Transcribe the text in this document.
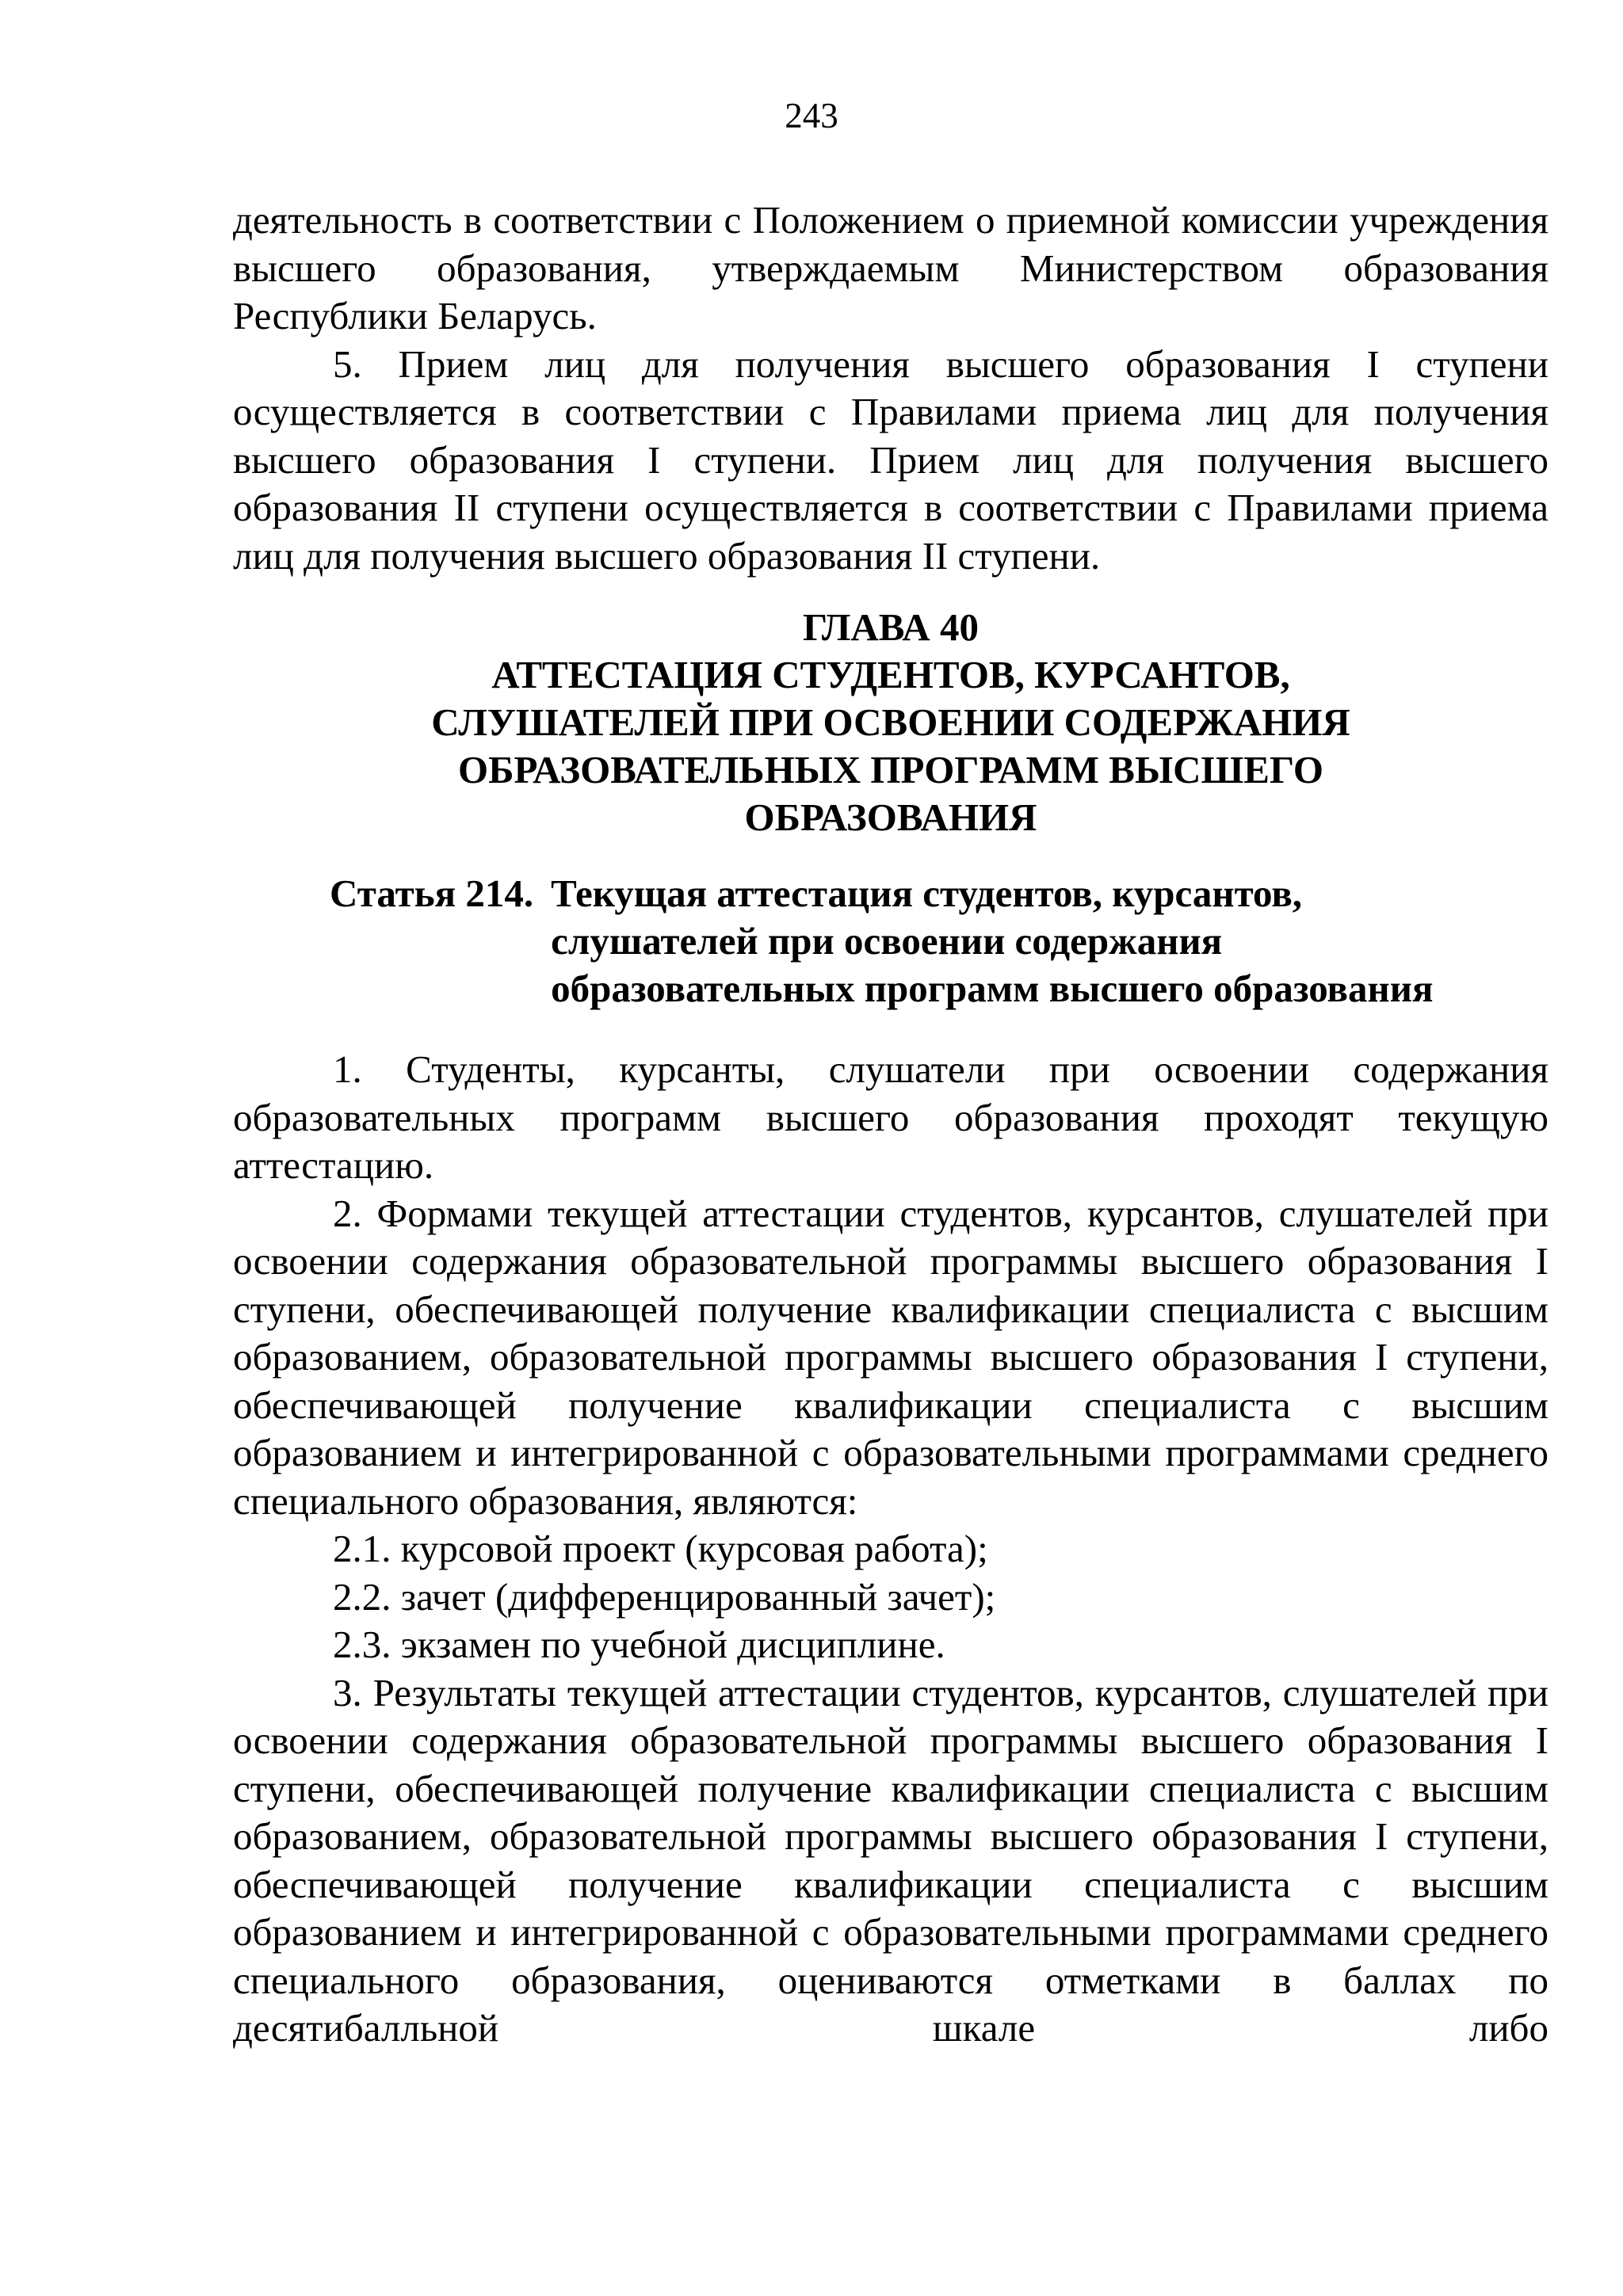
243

деятельность в соответствии с Положением о приемной комиссии учреждения высшего образования, утверждаемым Министерством образования Республики Беларусь.

5. Прием лиц для получения высшего образования I ступени осуществляется в соответствии с Правилами приема лиц для получения высшего образования I ступени. Прием лиц для получения высшего образования II ступени осуществляется в соответствии с Правилами приема лиц для получения высшего образования II ступени.

ГЛАВА 40
АТТЕСТАЦИЯ СТУДЕНТОВ, КУРСАНТОВ,
СЛУШАТЕЛЕЙ ПРИ ОСВОЕНИИ СОДЕРЖАНИЯ
ОБРАЗОВАТЕЛЬНЫХ ПРОГРАММ ВЫСШЕГО
ОБРАЗОВАНИЯ

Статья 214. Текущая аттестация студентов, курсантов,
слушателей при освоении содержания
образовательных программ высшего образования

1. Студенты, курсанты, слушатели при освоении содержания образовательных программ высшего образования проходят текущую аттестацию.

2. Формами текущей аттестации студентов, курсантов, слушателей при освоении содержания образовательной программы высшего образования I ступени, обеспечивающей получение квалификации специалиста с высшим образованием, образовательной программы высшего образования I ступени, обеспечивающей получение квалификации специалиста с высшим образованием и интегрированной с образовательными программами среднего специального образования, являются:

2.1. курсовой проект (курсовая работа);

2.2. зачет (дифференцированный зачет);

2.3. экзамен по учебной дисциплине.

3. Результаты текущей аттестации студентов, курсантов, слушателей при освоении содержания образовательной программы высшего образования I ступени, обеспечивающей получение квалификации специалиста с высшим образованием, образовательной программы высшего образования I ступени, обеспечивающей получение квалификации специалиста с высшим образованием и интегрированной с образовательными программами среднего специального образования, оцениваются отметками в баллах по десятибалльной шкале либо
